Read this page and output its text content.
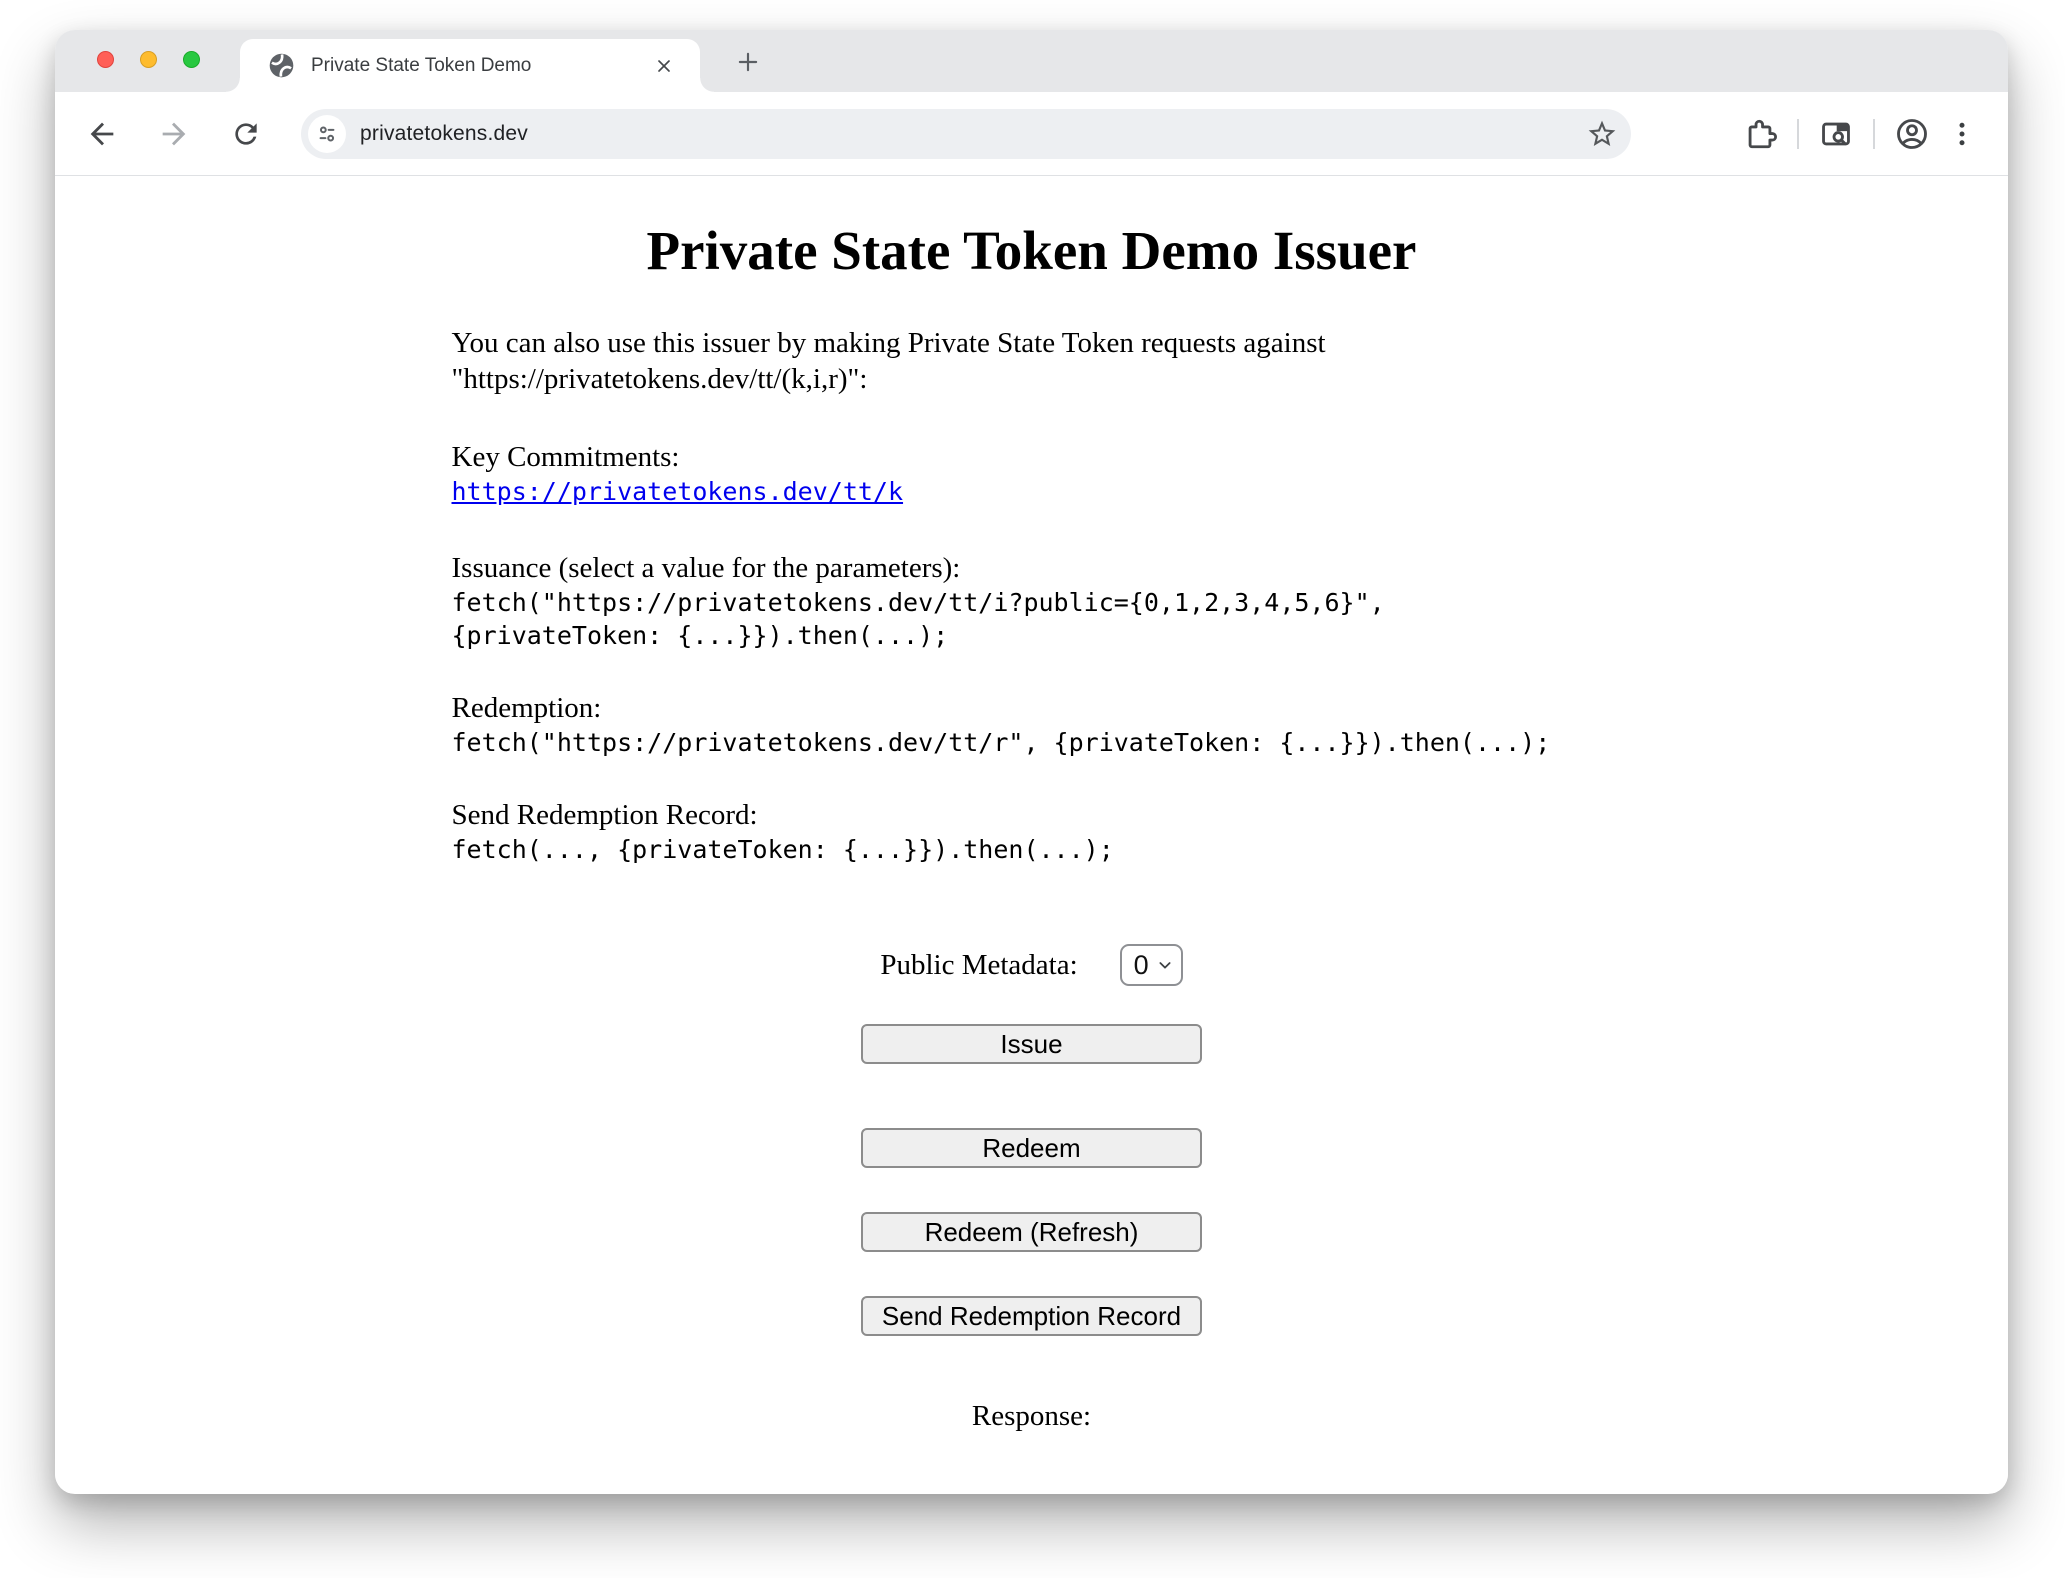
Private State Token Demo
privatetokens.dev
Private State Token Demo Issuer

You can also use this issuer by making Private State Token requests against
"https://privatetokens.dev/tt/(k,i,r)":

Key Commitments:
https://privatetokens.dev/tt/k
Issuance (select a value for the parameters):
fetch("https://privatetokens.dev/tt/i?public={0,1,2,3,4,5,6}",
{privateToken: {...}}).then(...);
Redemption:
fetch("https://privatetokens.dev/tt/r", {privateToken: {...}}).then(...);
Send Redemption Record:
fetch(..., {privateToken: {...}}).then(...);
Public Metadata: 0
Issue
Redeem
Redeem (Refresh)
Send Redemption Record
Response:
